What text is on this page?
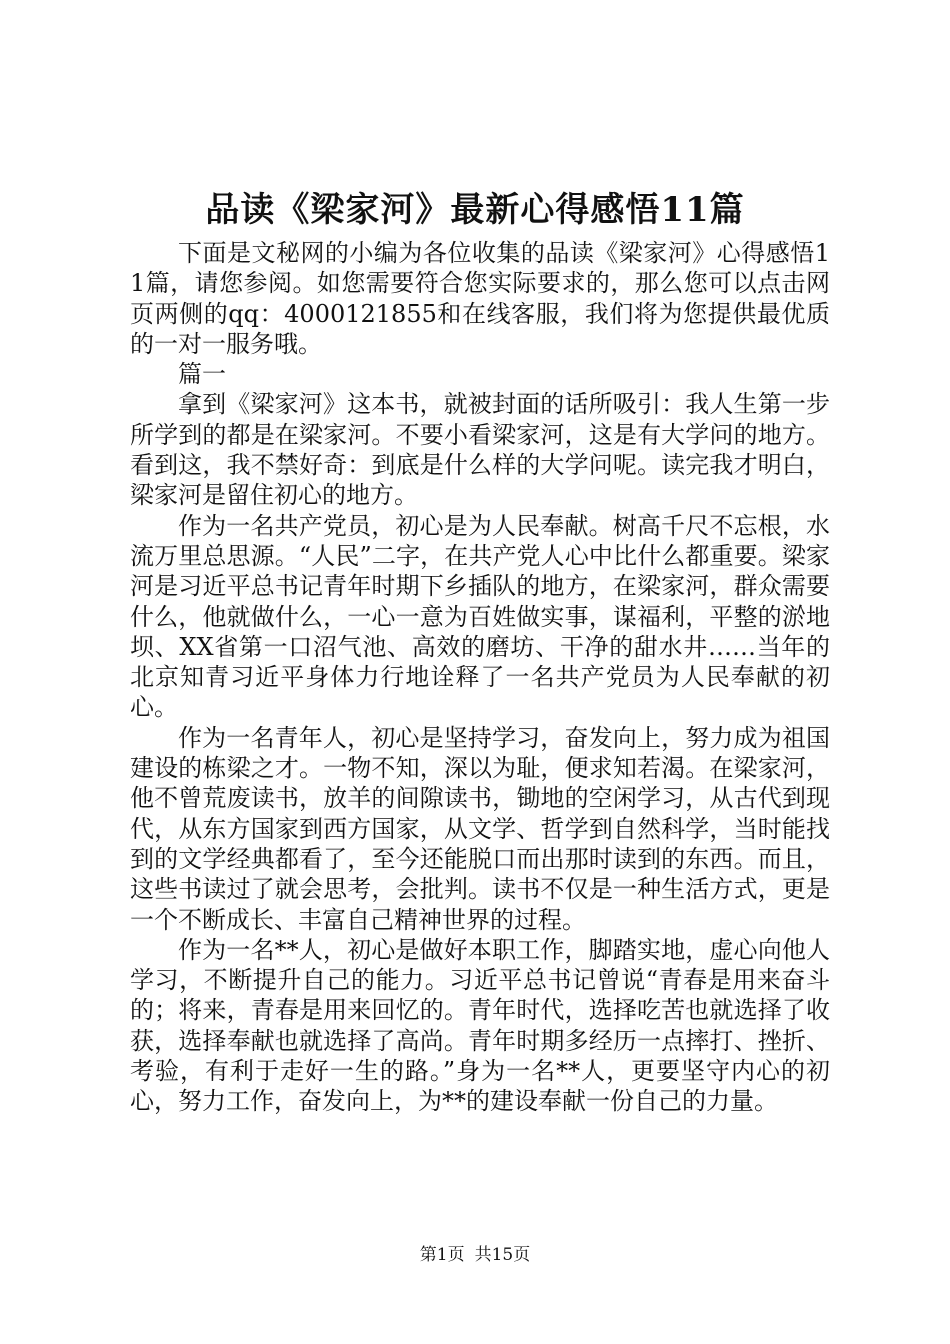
品读《梁家河》最新心得感悟11篇

下面是文秘网的小编为各位收集的品读《梁家河》心得感悟11篇，请您参阅。如您需要符合您实际要求的，那么您可以点击网页两侧的qq：4000121855和在线客服，我们将为您提供最优质的一对一服务哦。

篇一

拿到《梁家河》这本书，就被封面的话所吸引：我人生第一步所学到的都是在梁家河。不要小看梁家河，这是有大学问的地方。看到这，我不禁好奇：到底是什么样的大学问呢。读完我才明白，梁家河是留住初心的地方。

作为一名共产党员，初心是为人民奉献。树高千尺不忘根，水流万里总思源。“人民”二字，在共产党人心中比什么都重要。梁家河是习近平总书记青年时期下乡插队的地方，在梁家河，群众需要什么，他就做什么，一心一意为百姓做实事，谋福利，平整的淤地坝、XX省第一口沼气池、高效的磨坊、干净的甜水井……当年的北京知青习近平身体力行地诠释了一名共产党员为人民奉献的初心。

作为一名青年人，初心是坚持学习，奋发向上，努力成为祖国建设的栋梁之才。一物不知，深以为耻，便求知若渴。在梁家河，他不曾荒废读书，放羊的间隙读书，锄地的空闲学习，从古代到现代，从东方国家到西方国家，从文学、哲学到自然科学，当时能找到的文学经典都看了，至今还能脱口而出那时读到的东西。而且，这些书读过了就会思考，会批判。读书不仅是一种生活方式，更是一个不断成长、丰富自己精神世界的过程。

作为一名**人，初心是做好本职工作，脚踏实地，虚心向他人学习，不断提升自己的能力。习近平总书记曾说“青春是用来奋斗的；将来，青春是用来回忆的。青年时代，选择吃苦也就选择了收获，选择奉献也就选择了高尚。青年时期多经历一点摔打、挫折、考验，有利于走好一生的路。”身为一名**人，更要坚守内心的初心，努力工作，奋发向上，为**的建设奉献一份自己的力量。

第1页 共15页
